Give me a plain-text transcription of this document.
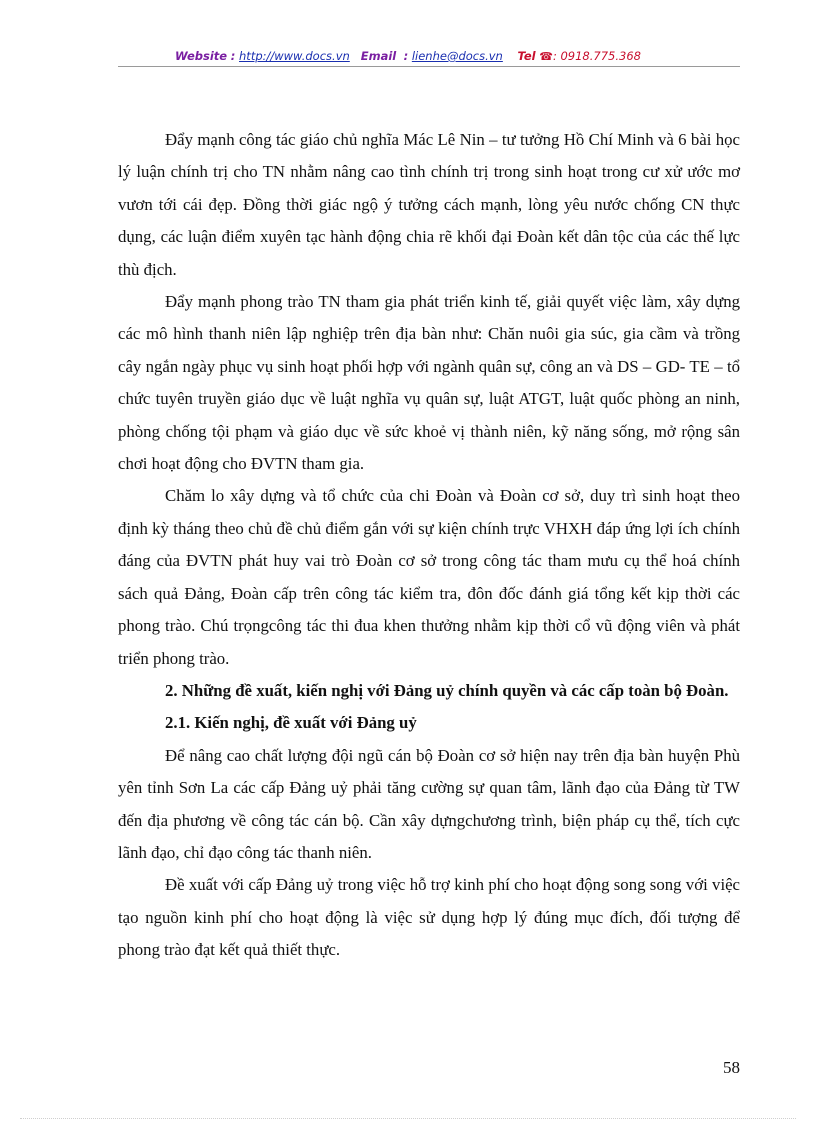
Website : http://www.docs.vn Email : lienhe@docs.vn Tel ☎: 0918.775.368

Đẩy mạnh công tác giáo chủ nghĩa Mác Lê Nin – tư tưởng Hồ Chí Minh và 6 bài học lý luận chính trị cho TN nhằm nâng cao tình chính trị trong sinh hoạt trong cư xử ước mơ vươn tới cái đẹp. Đồng thời giác ngộ ý tưởng cách mạnh, lòng yêu nước chống CN thực dụng, các luận điểm xuyên tạc hành động chia rẽ khối đại Đoàn kết dân tộc của các thế lực thù địch.

Đẩy mạnh phong trào TN tham gia phát triển kinh tế, giải quyết việc làm, xây dựng các mô hình thanh niên lập nghiệp trên địa bàn như: Chăn nuôi gia súc, gia cầm và trồng cây ngắn ngày phục vụ sinh hoạt phối hợp với ngành quân sự, công an và DS – GD- TE – tổ chức tuyên truyền giáo dục về luật nghĩa vụ quân sự, luật ATGT, luật quốc phòng an ninh, phòng chống tội phạm và giáo dục về sức khoẻ vị thành niên, kỹ năng sống, mở rộng sân chơi hoạt động cho ĐVTN tham gia.

Chăm lo xây dựng và tổ chức của chi Đoàn và Đoàn cơ sở, duy trì sinh hoạt theo định kỳ tháng theo chủ đề chủ điểm gắn với sự kiện chính trực VHXH đáp ứng lợi ích chính đáng của ĐVTN phát huy vai trò Đoàn cơ sở trong công tác tham mưu cụ thể hoá chính sách quả Đảng, Đoàn cấp trên công tác kiểm tra, đôn đốc đánh giá tổng kết kịp thời các phong trào. Chú trọngcông tác thi đua khen thưởng nhằm kịp thời cổ vũ động viên và phát triển phong trào.

2. Những đề xuất, kiến nghị với Đảng uỷ chính quyền và các cấp toàn bộ Đoàn.

2.1. Kiến nghị, đề xuất với Đảng uỷ

Để nâng cao chất lượng đội ngũ cán bộ Đoàn cơ sở hiện nay trên địa bàn huyện Phù yên tỉnh Sơn La các cấp Đảng uỷ phải tăng cường sự quan tâm, lãnh đạo của Đảng từ TW đến địa phương về công tác cán bộ. Cần xây dựngchương trình, biện pháp cụ thể, tích cực lãnh đạo, chỉ đạo công tác thanh niên.

Đề xuất với cấp Đảng uỷ trong việc hỗ trợ kinh phí cho hoạt động song song với việc tạo nguồn kinh phí cho hoạt động là việc sử dụng hợp lý đúng mục đích, đối tượng để phong trào đạt kết quả thiết thực.

58
